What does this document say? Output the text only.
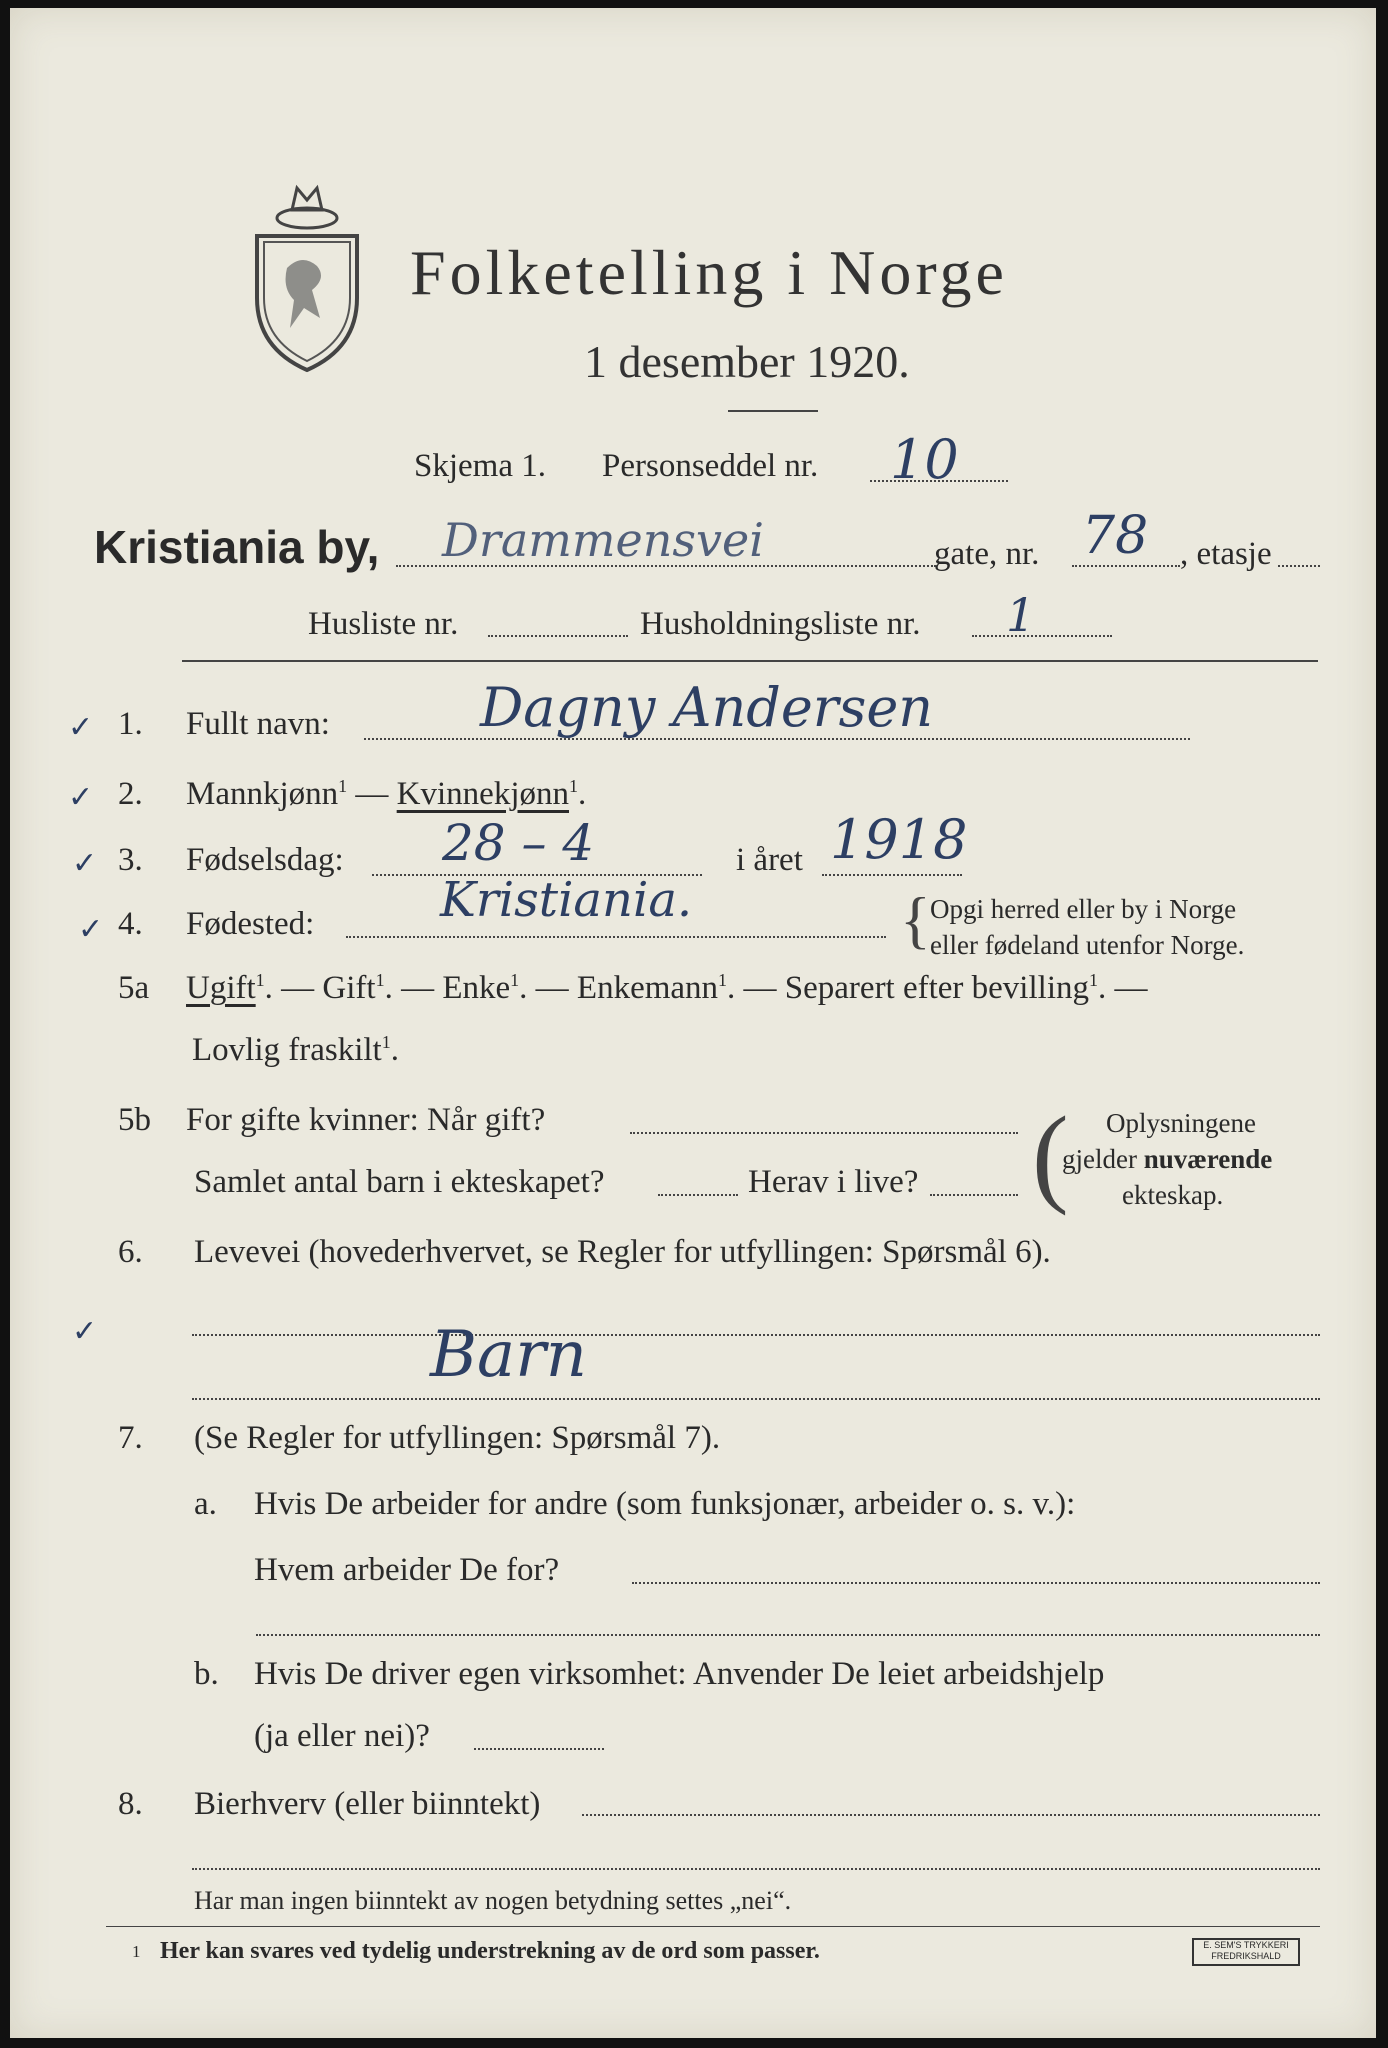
Folketelling i Norge
1 desember 1920.
Skjema 1. Personseddel nr. 10
Kristiania by, Drammensvei	gate, nr. 78 , etasje
Husliste nr.	Husholdningsliste nr. 1
✓ 1. Fullt navn:	Dagny Andersen
✓ 2. Mannkjønn$^1$ — Kvinnekjønn$^1$.
✓ 3. Fødselsdag: 28 – 4	i året 1918
✓ 4. Fødested:	Kristiania.	{ Opgi herred eller by i Norge
eller fødeland utenfor Norge.
5a Ugift$^1$. — Gift$^1$. — Enke$^1$. — Enkemann$^1$. — Separert efter bevilling$^1$. —
Lovlig fraskilt$^1$.
5b For gifte kvinner: Når gift?
Samlet antal barn i ekteskapet?	Herav i live? ( Oplysningene
gjelder nuværende
ekteskap.
6. Levevei (hovederhvervet, se Regler for utfyllingen: Spørsmål 6).
✓	Barn
7. (Se Regler for utfyllingen: Spørsmål 7).
a. Hvis De arbeider for andre (som funksjonær, arbeider o. s. v.):
Hvem arbeider De for?
b. Hvis De driver egen virksomhet: Anvender De leiet arbeidshjelp
(ja eller nei)?
8. Bierhverv (eller biinntekt)
Har man ingen biinntekt av nogen betydning settes „nei“.
1 Her kan svares ved tydelig understrekning av de ord som passer.	E. SEM'S TRYKKERI FREDRIKSHALD
